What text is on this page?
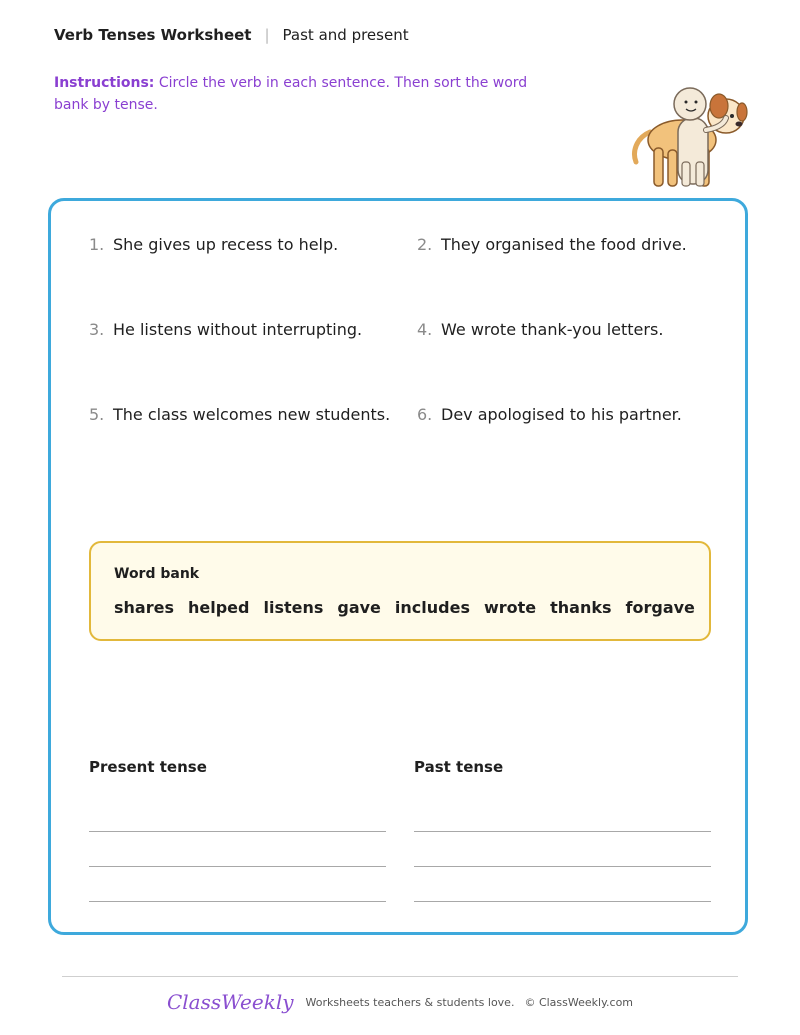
Verb Tenses Worksheet | Past and present
Instructions: Circle the verb in each sentence. Then sort the word bank by tense.
1. She gives up recess to help.	2. They organised the food drive.
3. He listens without interrupting.	4. We wrote thank-you letters.
5. The class welcomes new students. 6. Dev apologised to his partner.
Word bank
shares helped listens gave includes wrote thanks forgave
Present tense	Past tense
ClassWeekly Worksheets teachers & students love. © ClassWeekly.com
